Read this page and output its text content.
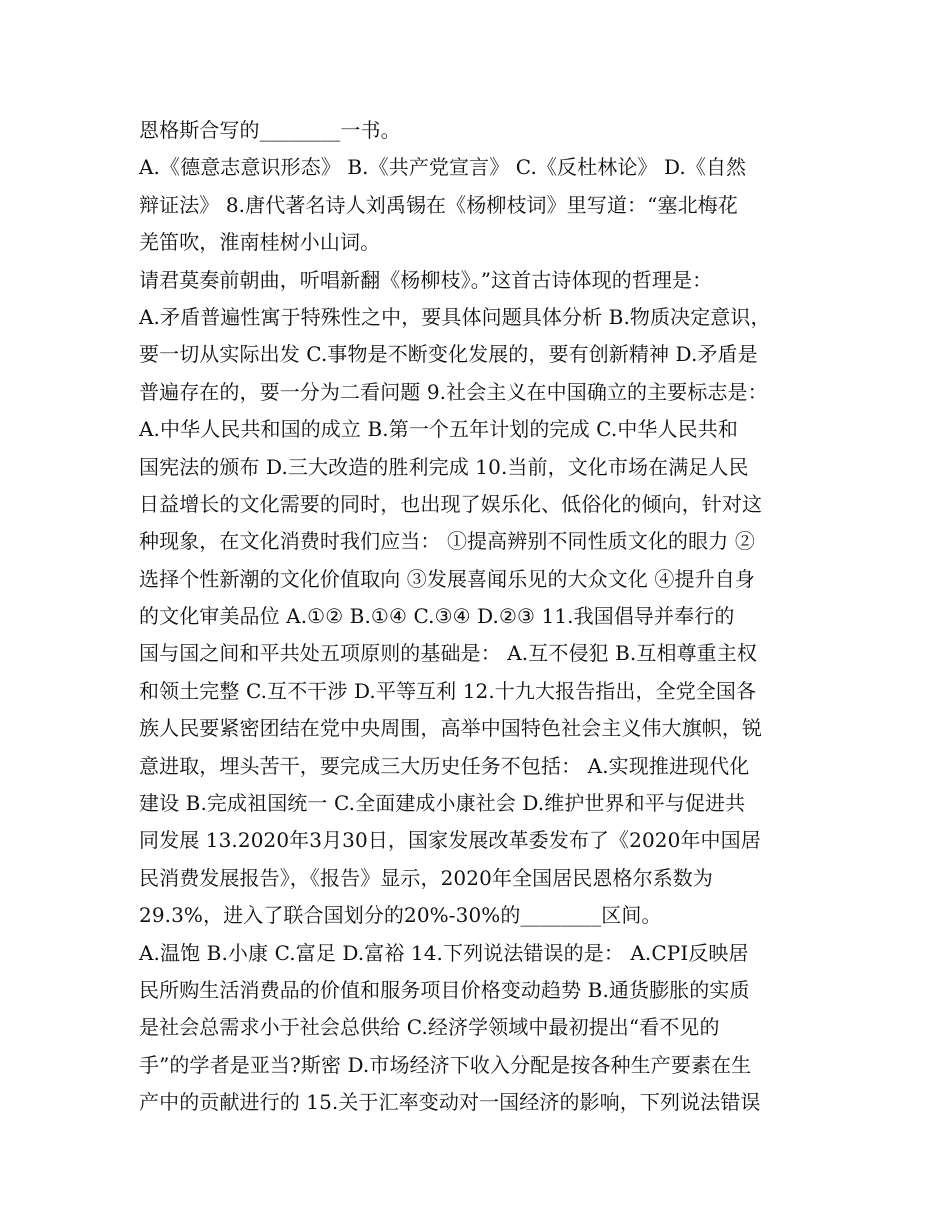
恩格斯合写的________一书。
A.《德意志意识形态》 B.《共产党宣言》 C.《反杜林论》 D.《自然
辩证法》 8.唐代著名诗人刘禹锡在《杨柳枝词》里写道：“塞北梅花
羌笛吹，淮南桂树小山词。
请君莫奏前朝曲，听唱新翻《杨柳枝》。”这首古诗体现的哲理是：
A.矛盾普遍性寓于特殊性之中，要具体问题具体分析 B.物质决定意识，
要一切从实际出发 C.事物是不断变化发展的，要有创新精神 D.矛盾是
普遍存在的，要一分为二看问题 9.社会主义在中国确立的主要标志是：
A.中华人民共和国的成立 B.第一个五年计划的完成 C.中华人民共和
国宪法的颁布 D.三大改造的胜利完成 10.当前，文化市场在满足人民
日益增长的文化需要的同时，也出现了娱乐化、低俗化的倾向，针对这
种现象，在文化消费时我们应当： ①提高辨别不同性质文化的眼力 ②
选择个性新潮的文化价值取向 ③发展喜闻乐见的大众文化 ④提升自身
的文化审美品位 A.①② B.①④ C.③④ D.②③ 11.我国倡导并奉行的
国与国之间和平共处五项原则的基础是： A.互不侵犯 B.互相尊重主权
和领土完整 C.互不干涉 D.平等互利 12.十九大报告指出，全党全国各
族人民要紧密团结在党中央周围，高举中国特色社会主义伟大旗帜，锐
意进取，埋头苦干，要完成三大历史任务不包括： A.实现推进现代化
建设 B.完成祖国统一 C.全面建成小康社会 D.维护世界和平与促进共
同发展 13.2020年3月30日，国家发展改革委发布了《2020年中国居
民消费发展报告》，《报告》显示，2020年全国居民恩格尔系数为
29.3%，进入了联合国划分的20%-30%的________区间。
A.温饱 B.小康 C.富足 D.富裕 14.下列说法错误的是： A.CPI反映居
民所购生活消费品的价值和服务项目价格变动趋势 B.通货膨胀的实质
是社会总需求小于社会总供给 C.经济学领域中最初提出“看不见的
手”的学者是亚当?斯密 D.市场经济下收入分配是按各种生产要素在生
产中的贡献进行的 15.关于汇率变动对一国经济的影响，下列说法错误
